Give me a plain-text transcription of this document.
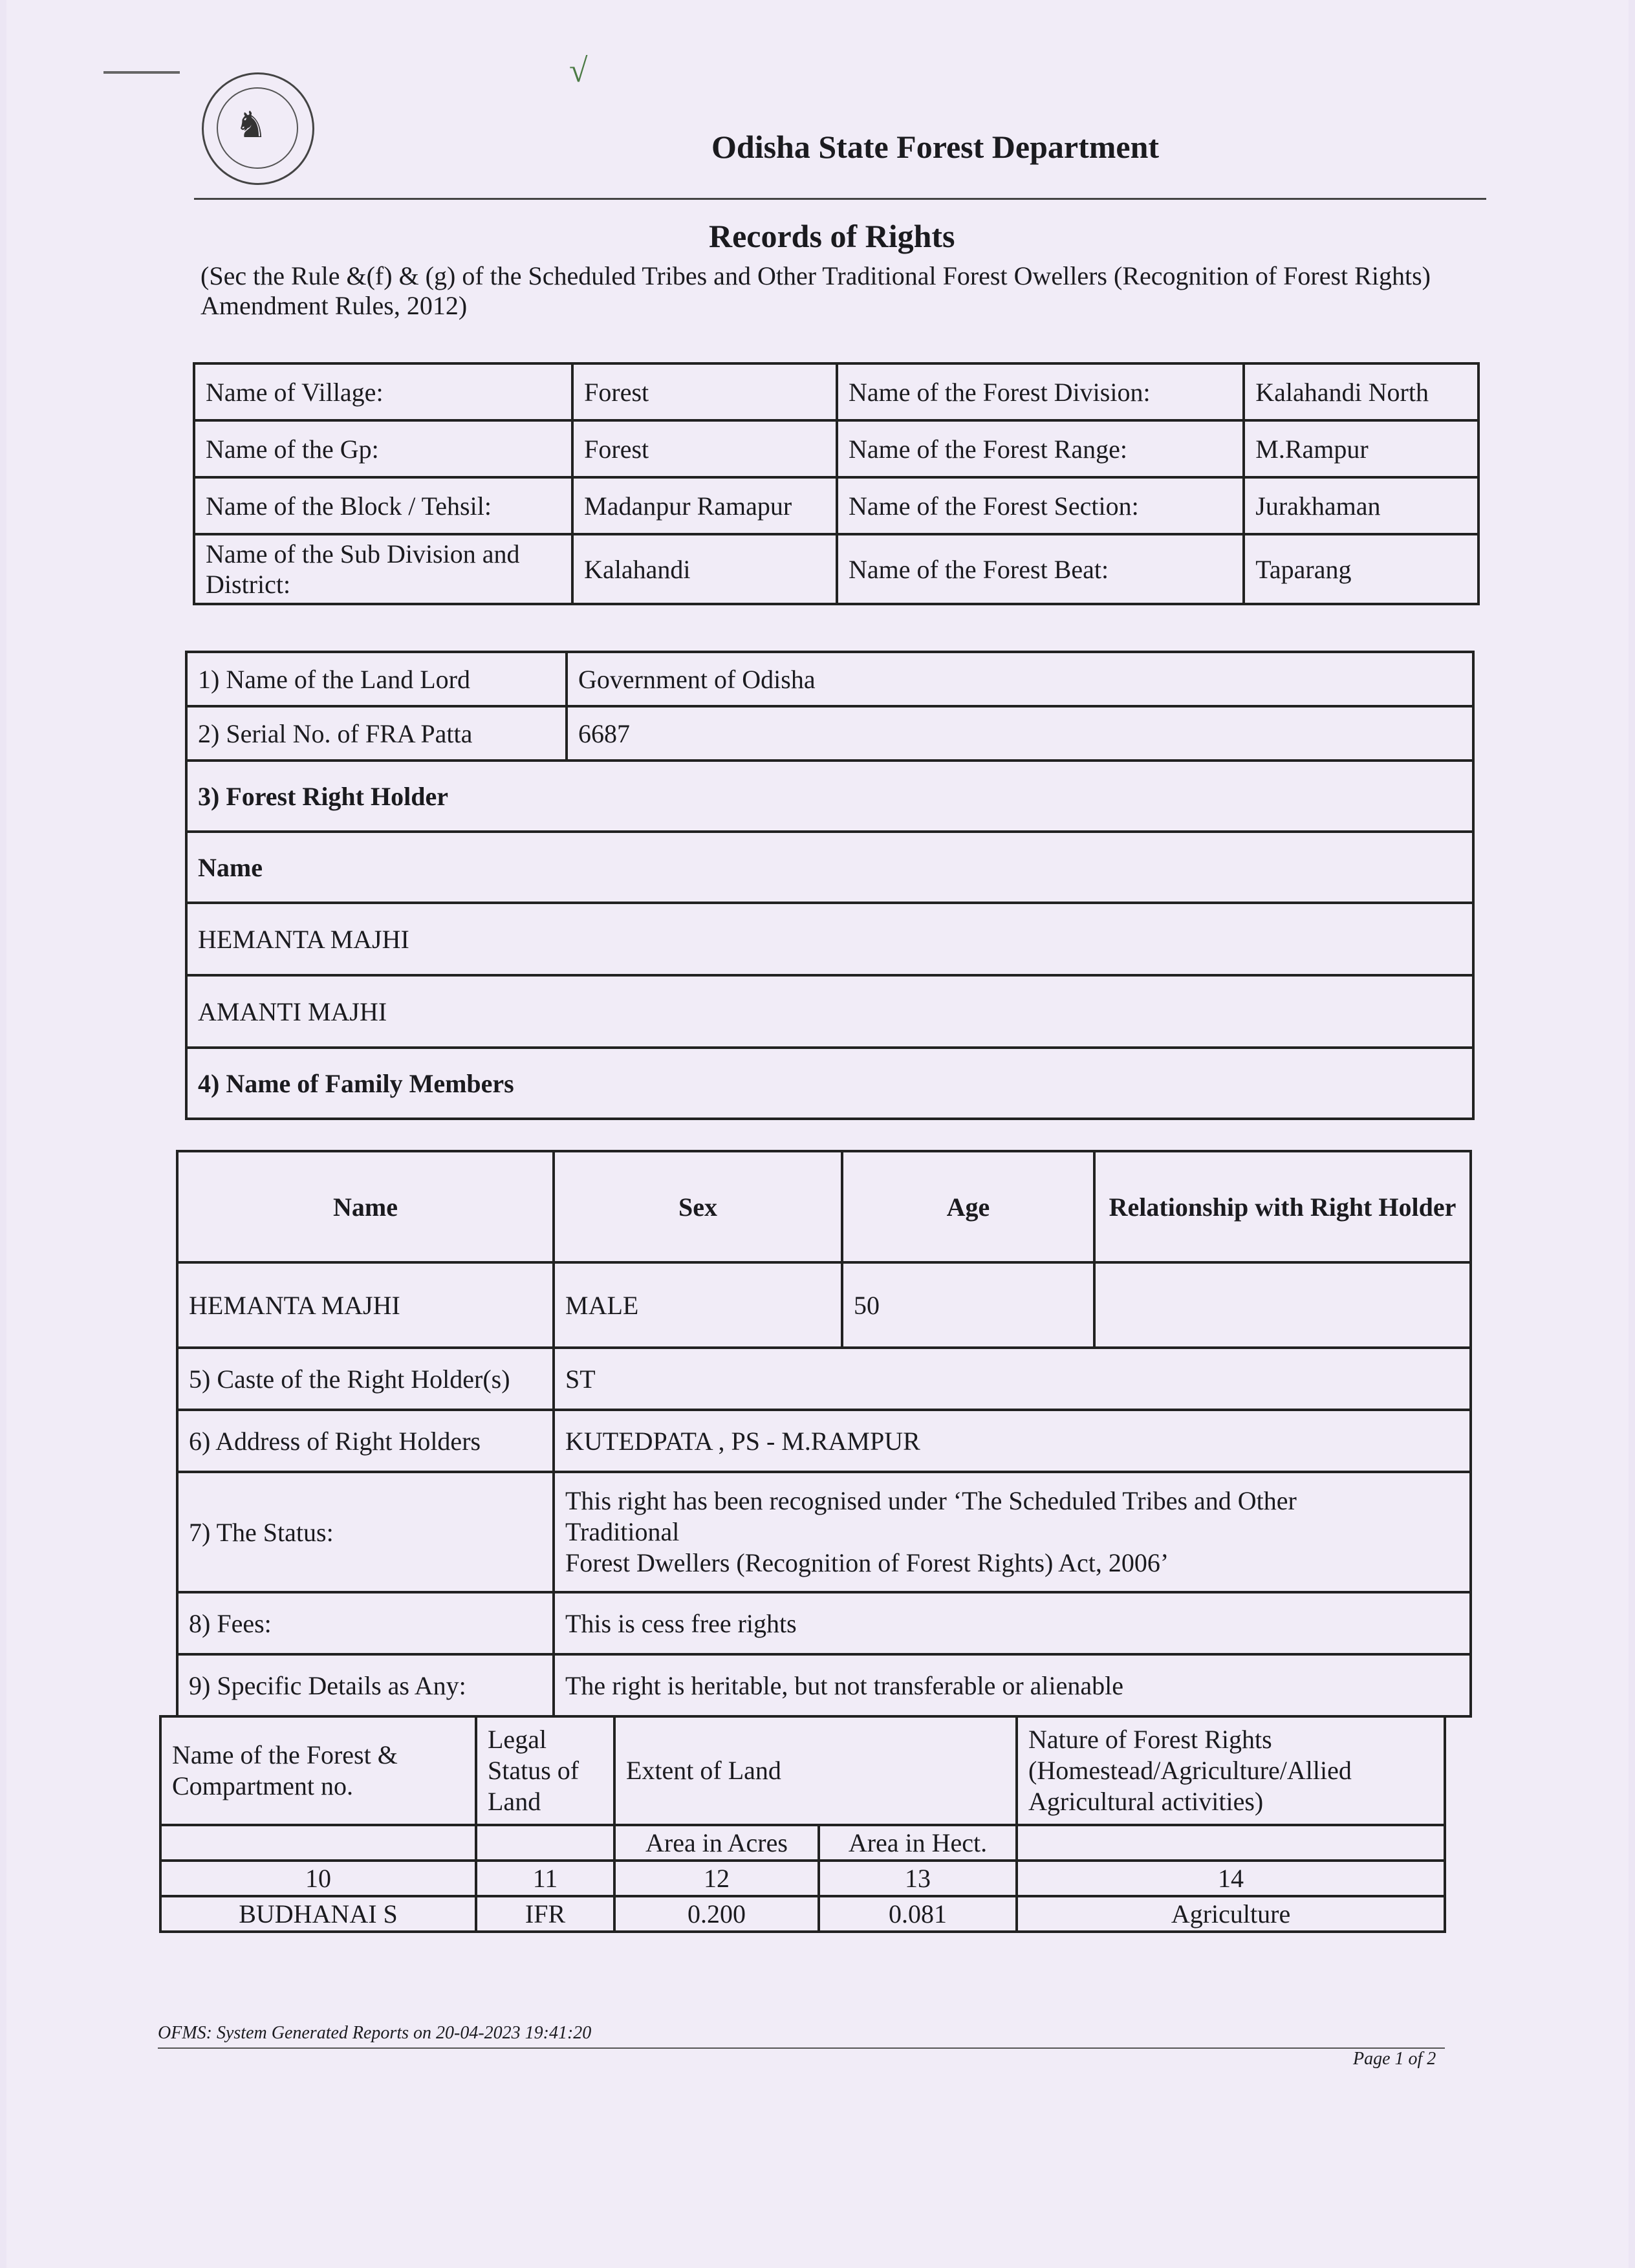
√
♞
Odisha State Forest Department
Records of Rights
(Sec the Rule &(f) & (g) of the Scheduled Tribes and Other Traditional Forest Owellers (Recognition of Forest Rights) Amendment Rules, 2012)
Name of Village:	Forest	Name of the Forest Division:	Kalahandi North
Name of the Gp:	Forest	Name of the Forest Range:	M.Rampur
Name of the Block / Tehsil:	Madanpur Ramapur	Name of the Forest Section:	Jurakhaman
Name of the Sub Division and District:	Kalahandi	Name of the Forest Beat:	Taparang
1) Name of the Land Lord	Government of Odisha
2) Serial No. of FRA Patta	6687
3) Forest Right Holder	
Name	
HEMANTA MAJHI	
AMANTI MAJHI	
4) Name of Family Members	
Name	Sex	Age	Relationship with Right Holder
HEMANTA MAJHI	MALE	50	
5) Caste of the Right Holder(s)	ST		
6) Address of Right Holders	KUTEDPATA , PS - M.RAMPUR		
7) The Status:	This right has been recognised under ‘The Scheduled Tribes and Other
Traditional
Forest Dwellers (Recognition of Forest Rights) Act, 2006’		

8) Fees:	This is cess free rights		
9) Specific Details as Any:	The right is heritable, but not transferable or alienable		
Name of the Forest & Compartment no.	Legal Status of Land	Extent of Land		Nature of Forest Rights (Homestead/Agriculture/Allied Agricultural activities)
		Area in Acres	Area in Hect.	
10	11	12	13	14
BUDHANAI S	IFR	0.200	0.081	Agriculture
OFMS: System Generated Reports on 20-04-2023 19:41:20
Page 1 of 2
